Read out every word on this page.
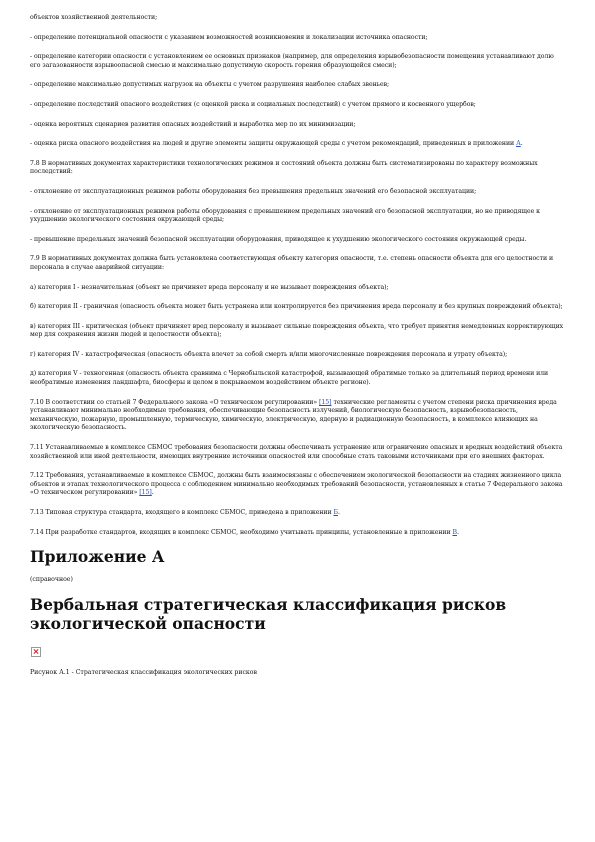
объектов хозяйственной деятельности;
- определение потенциальной опасности с указанием возможностей возникновения и локализации источника опасности;
- определение категории опасности с установлением ее основных признаков (например, для определения взрывобезопасности помещения устанавливают долю его загазованности взрывоопасной смесью и максимально допустимую скорость горения образующейся смеси);
- определение максимально допустимых нагрузок на объекты с учетом разрушения наиболее слабых звеньев;
- определение последствий опасного воздействия (с оценкой риска и социальных последствий) с учетом прямого и косвенного ущербов;
- оценка вероятных сценариев развития опасных воздействий и выработка мер по их минимизации;
- оценка риска опасного воздействия на людей и другие элементы защиты окружающей среды с учетом рекомендаций, приведенных в приложении А.
7.8 В нормативных документах характеристики технологических режимов и состояний объекта должны быть систематизированы по характеру возможных последствий:
- отклонение от эксплуатационных режимов работы оборудования без превышения предельных значений его безопасной эксплуатации;
- отклонение от эксплуатационных режимов работы оборудования с превышением предельных значений его безопасной эксплуатации, но не приводящее к ухудшению экологического состояния окружающей среды;
- превышение предельных значений безопасной эксплуатации оборудования, приводящее к ухудшению экологического состояния окружающей среды.
7.9 В нормативных документах должна быть установлена соответствующая объекту категория опасности, т.е. степень опасности объекта для его целостности и персонала в случае аварийной ситуации:
а) категория I - незначительная (объект не причиняет вреда персоналу и не вызывает повреждения объекта);
б) категория II - граничная (опасность объекта может быть устранена или контролируется без причинения вреда персоналу и без крупных повреждений объекта);
в) категория III - критическая (объект причиняет вред персоналу и вызывает сильные повреждения объекта, что требует принятия немедленных корректирующих мер для сохранения жизни людей и целостности объекта);
г) категория IV - катастрофическая (опасность объекта влечет за собой смерть и/или многочисленные повреждения персонала и утрату объекта);
д) категория V - техногенная (опасность объекта сравнима с Чернобыльской катастрофой, вызывающей обратимые только за длительный период времени или необратимые изменения ландшафта, биосферы и целом в покрываемом воздействием объекте регионе).
7.10 В соответствии со статьей 7 Федерального закона «О техническом регулировании» [15] технические регламенты с учетом степени риска причинения вреда устанавливают минимально необходимые требования, обеспечивающие безопасность излучений, биологическую безопасность, взрывобезопасность, механическую, пожарную, промышленную, термическую, химическую, электрическую, ядерную и радиационную безопасность, в комплексе влияющих на экологическую безопасность.
7.11 Устанавливаемые в комплексе СБМОС требования безопасности должны обеспечивать устранение или ограничение опасных и вредных воздействий объекта хозяйственной или иной деятельности, имеющих внутренние источники опасностей или способные стать таковыми источниками при его внешних факторах.
7.12 Требования, устанавливаемые в комплексе СБМОС, должны быть взаимосвязаны с обеспечением экологической безопасности на стадиях жизненного цикла объектов и этапах технологического процесса с соблюдением минимально необходимых требований безопасности, установленных в статье 7 Федерального закона «О техническом регулировании» [15].
7.13 Типовая структура стандарта, входящего в комплекс СБМОС, приведена в приложении Б.
7.14 При разработке стандартов, входящих в комплекс СБМОС, необходимо учитывать принципы, установленные в приложении В.
Приложение А
(справочное)
Вербальная стратегическая классификация рисков экологической опасности
Рисунок А.1 - Стратегическая классификация экологических рисков
